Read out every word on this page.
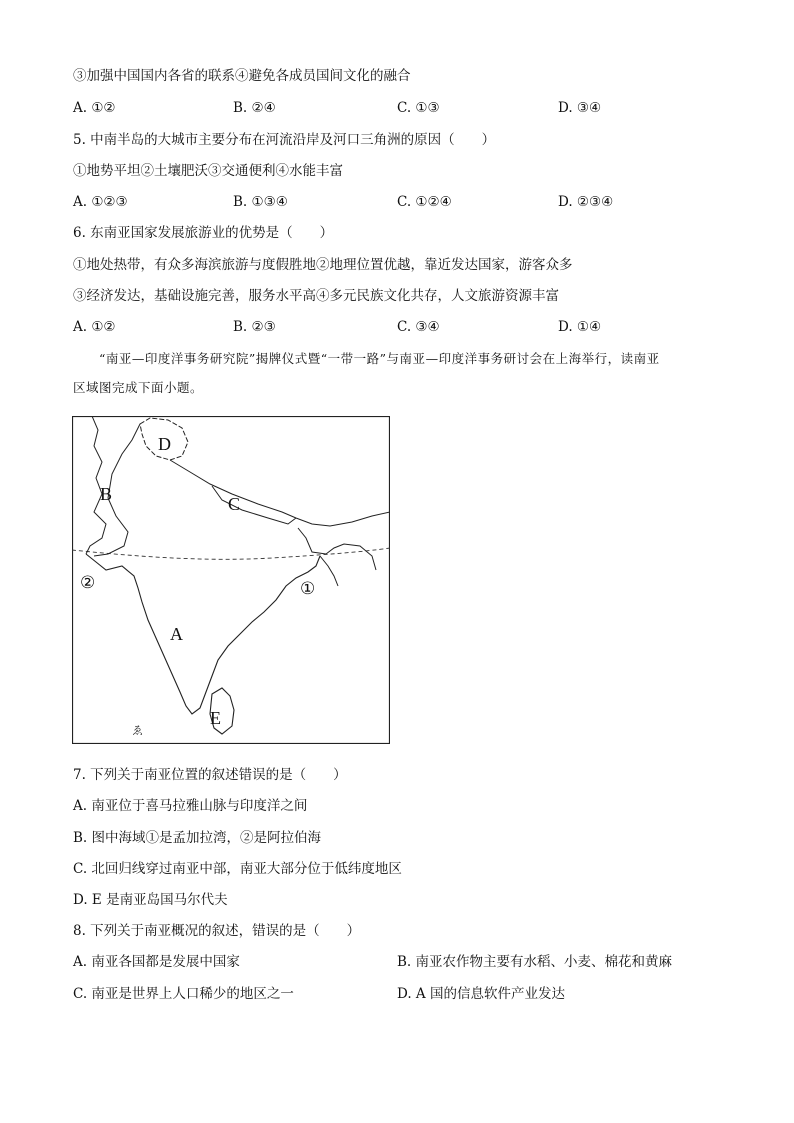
③加强中国国内各省的联系④避免各成员国间文化的融合
A. ①②	B. ②④	C. ①③	D. ③④
5. 中南半岛的大城市主要分布在河流沿岸及河口三角洲的原因（　　）
①地势平坦②土壤肥沃③交通便利④水能丰富
A. ①②③	B. ①③④	C. ①②④	D. ②③④
6. 东南亚国家发展旅游业的优势是（　　）
①地处热带，有众多海滨旅游与度假胜地②地理位置优越，靠近发达国家，游客众多
③经济发达，基础设施完善，服务水平高④多元民族文化共存，人文旅游资源丰富
A. ①②	B. ②③	C. ③④	D. ①④
“南亚—印度洋事务研究院”揭牌仪式暨“一带一路”与南亚—印度洋事务研讨会在上海举行，读南亚
区域图完成下面小题。
ゑ
B
D
C
A
E
①
②
7. 下列关于南亚位置的叙述错误的是（　　）
A. 南亚位于喜马拉雅山脉与印度洋之间
B. 图中海域①是孟加拉湾，②是阿拉伯海
C. 北回归线穿过南亚中部，南亚大部分位于低纬度地区
D. E 是南亚岛国马尔代夫
8. 下列关于南亚概况的叙述，错误的是（　　）
A. 南亚各国都是发展中国家	B. 南亚农作物主要有水稻、小麦、棉花和黄麻
C. 南亚是世界上人口稀少的地区之一	D. A 国的信息软件产业发达
